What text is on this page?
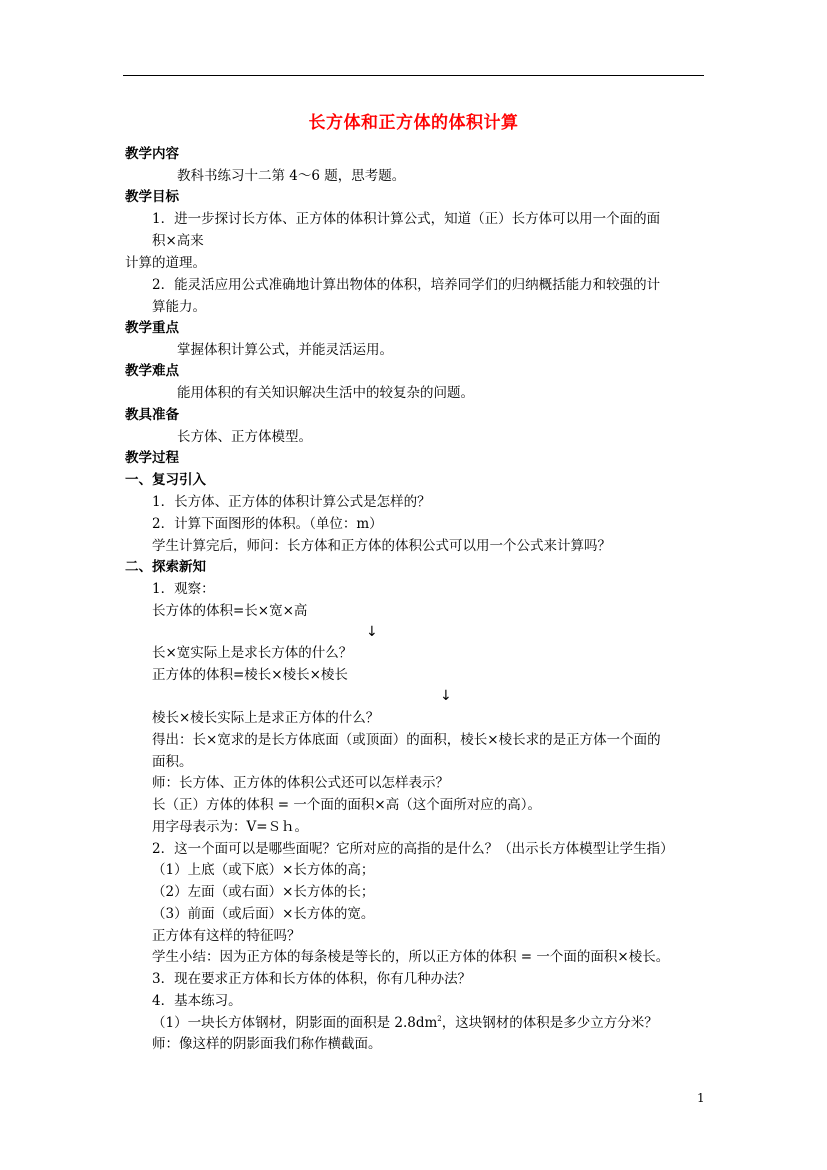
长方体和正方体的体积计算
教学内容
教科书练习十二第 4～6 题，思考题。
教学目标
1．进一步探讨长方体、正方体的体积计算公式，知道（正）长方体可以用一个面的面
积×高来
计算的道理。
2．能灵活应用公式准确地计算出物体的体积，培养同学们的归纳概括能力和较强的计
算能力。
教学重点
掌握体积计算公式，并能灵活运用。
教学难点
能用体积的有关知识解决生活中的较复杂的问题。
教具准备
长方体、正方体模型。
教学过程
一、复习引入
1．长方体、正方体的体积计算公式是怎样的？
2．计算下面图形的体积。（单位：m）
学生计算完后，师问：长方体和正方体的体积公式可以用一个公式来计算吗？
二、探索新知
1．观察：
长方体的体积=长×宽×高
↓
长×宽实际上是求长方体的什么？
正方体的体积=棱长×棱长×棱长
↓
棱长×棱长实际上是求正方体的什么？
得出：长×宽求的是长方体底面（或顶面）的面积，棱长×棱长求的是正方体一个面的
面积。
师：长方体、正方体的体积公式还可以怎样表示？
长（正）方体的体积 = 一个面的面积×高（这个面所对应的高）。
用字母表示为：V=Ｓｈ。
2．这一个面可以是哪些面呢？它所对应的高指的是什么？（出示长方体模型让学生指）
（1）上底（或下底）×长方体的高；
（2）左面（或右面）×长方体的长；
（3）前面（或后面）×长方体的宽。
正方体有这样的特征吗？
学生小结：因为正方体的每条棱是等长的，所以正方体的体积 = 一个面的面积×棱长。
3．现在要求正方体和长方体的体积，你有几种办法？
4．基本练习。
（1）一块长方体钢材，阴影面的面积是 $2.8dm^2$，这块钢材的体积是多少立方分米？
师：像这样的阴影面我们称作横截面。
1
